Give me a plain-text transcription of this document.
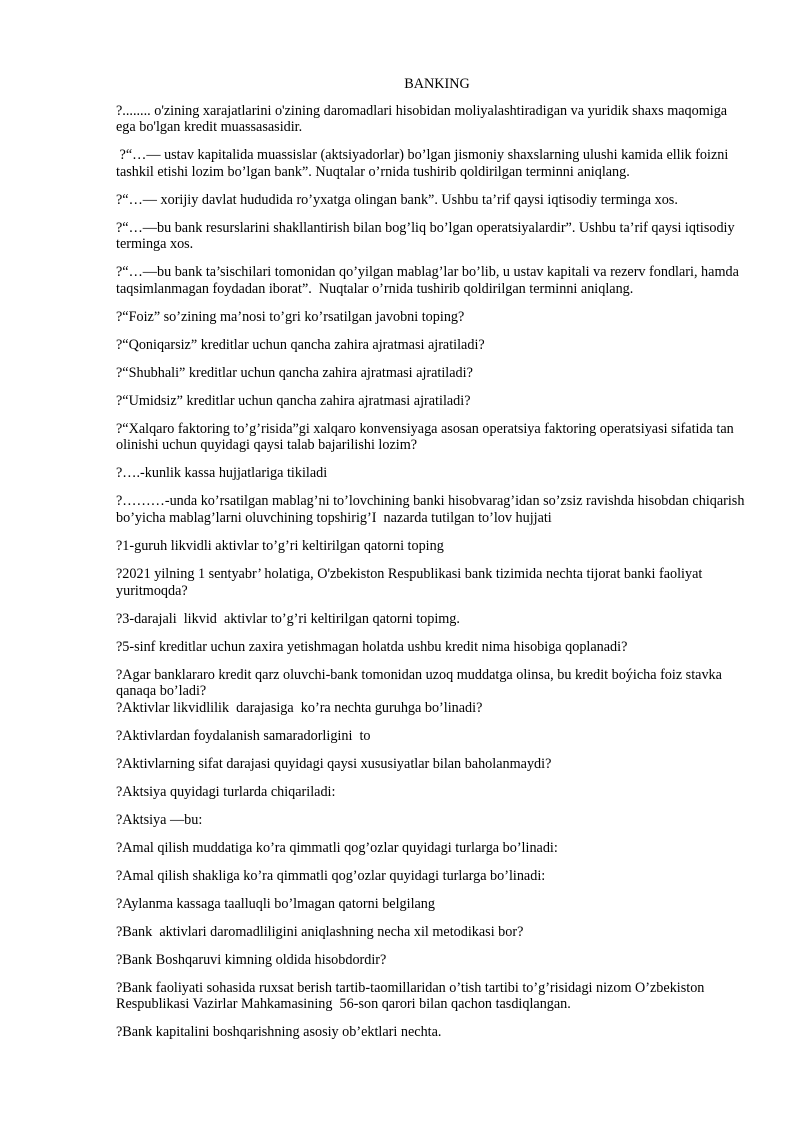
BANKING

?........ o'zining xarajatlarini o'zining daromadlari hisobidan moliyalashtiradigan va yuridik shaxs maqomiga ega bo'lgan kredit muassasasidir.

?“…— ustav kapitalida muassislar (aktsiyadorlar) bo’lgan jismoniy shaxslarning ulushi kamida ellik foizni tashkil etishi lozim bo’lgan bank”. Nuqtalar o’rnida tushirib qoldirilgan terminni aniqlang.

?“…— xorijiy davlat hududida ro’yxatga olingan bank”. Ushbu ta’rif qaysi iqtisodiy terminga xos.

?“…—bu bank resurslarini shakllantirish bilan bog’liq bo’lgan operatsiyalardir”. Ushbu ta’rif qaysi iqtisodiy terminga xos.

?“…—bu bank ta’sischilari tomonidan qo’yilgan mablag’lar bo’lib, u ustav kapitali va rezerv fondlari, hamda taqsimlanmagan foydadan iborat”.  Nuqtalar o’rnida tushirib qoldirilgan terminni aniqlang.

?“Foiz” so’zining ma’nosi to’gri ko’rsatilgan javobni toping?

?“Qoniqarsiz” kreditlar uchun qancha zahira ajratmasi ajratiladi?

?“Shubhali” kreditlar uchun qancha zahira ajratmasi ajratiladi?

?“Umidsiz” kreditlar uchun qancha zahira ajratmasi ajratiladi?

?“Xalqaro faktoring to’g’risida”gi xalqaro konvensiyaga asosan operatsiya faktoring operatsiyasi sifatida tan olinishi uchun quyidagi qaysi talab bajarilishi lozim?

?….-kunlik kassa hujjatlariga tikiladi

?………-unda ko’rsatilgan mablag’ni to’lovchining banki hisobvarag’idan so’zsiz ravishda hisobdan chiqarish bo’yicha mablag’larni oluvchining topshirig’I  nazarda tutilgan to’lov hujjati

?1-guruh likvidli aktivlar to’g’ri keltirilgan qatorni toping

?2021 yilning 1 sentyabr’ holatiga, O'zbekiston Respublikasi bank tizimida nechta tijorat banki faoliyat yuritmoqda?

?3-darajali  likvid  aktivlar to’g’ri keltirilgan qatorni topimg.

?5-sinf kreditlar uchun zaxira yetishmagan holatda ushbu kredit nima hisobiga qoplanadi?

?Agar banklararo kredit qarz oluvchi-bank tomonidan uzoq muddatga olinsa, bu kredit boýicha foiz stavka qanaqa bo’ladi?

?Aktivlar likvidlilik  darajasiga  ko’ra nechta guruhga bo’linadi?

?Aktivlardan foydalanish samaradorligini  to

?Aktivlarning sifat darajasi quyidagi qaysi xususiyatlar bilan baholanmaydi?

?Aktsiya quyidagi turlarda chiqariladi:

?Aktsiya —bu:

?Amal qilish muddatiga ko’ra qimmatli qog’ozlar quyidagi turlarga bo’linadi:

?Amal qilish shakliga ko’ra qimmatli qog’ozlar quyidagi turlarga bo’linadi:

?Aylanma kassaga taalluqli bo’lmagan qatorni belgilang

?Bank  aktivlari daromadliligini aniqlashning necha xil metodikasi bor?

?Bank Boshqaruvi kimning oldida hisobdordir?

?Bank faoliyati sohasida ruxsat berish tartib-taomillaridan o’tish tartibi to’g’risidagi nizom O’zbekiston Respublikasi Vazirlar Mahkamasining  56-son qarori bilan qachon tasdiqlangan.

?Bank kapitalini boshqarishning asosiy ob’ektlari nechta.
